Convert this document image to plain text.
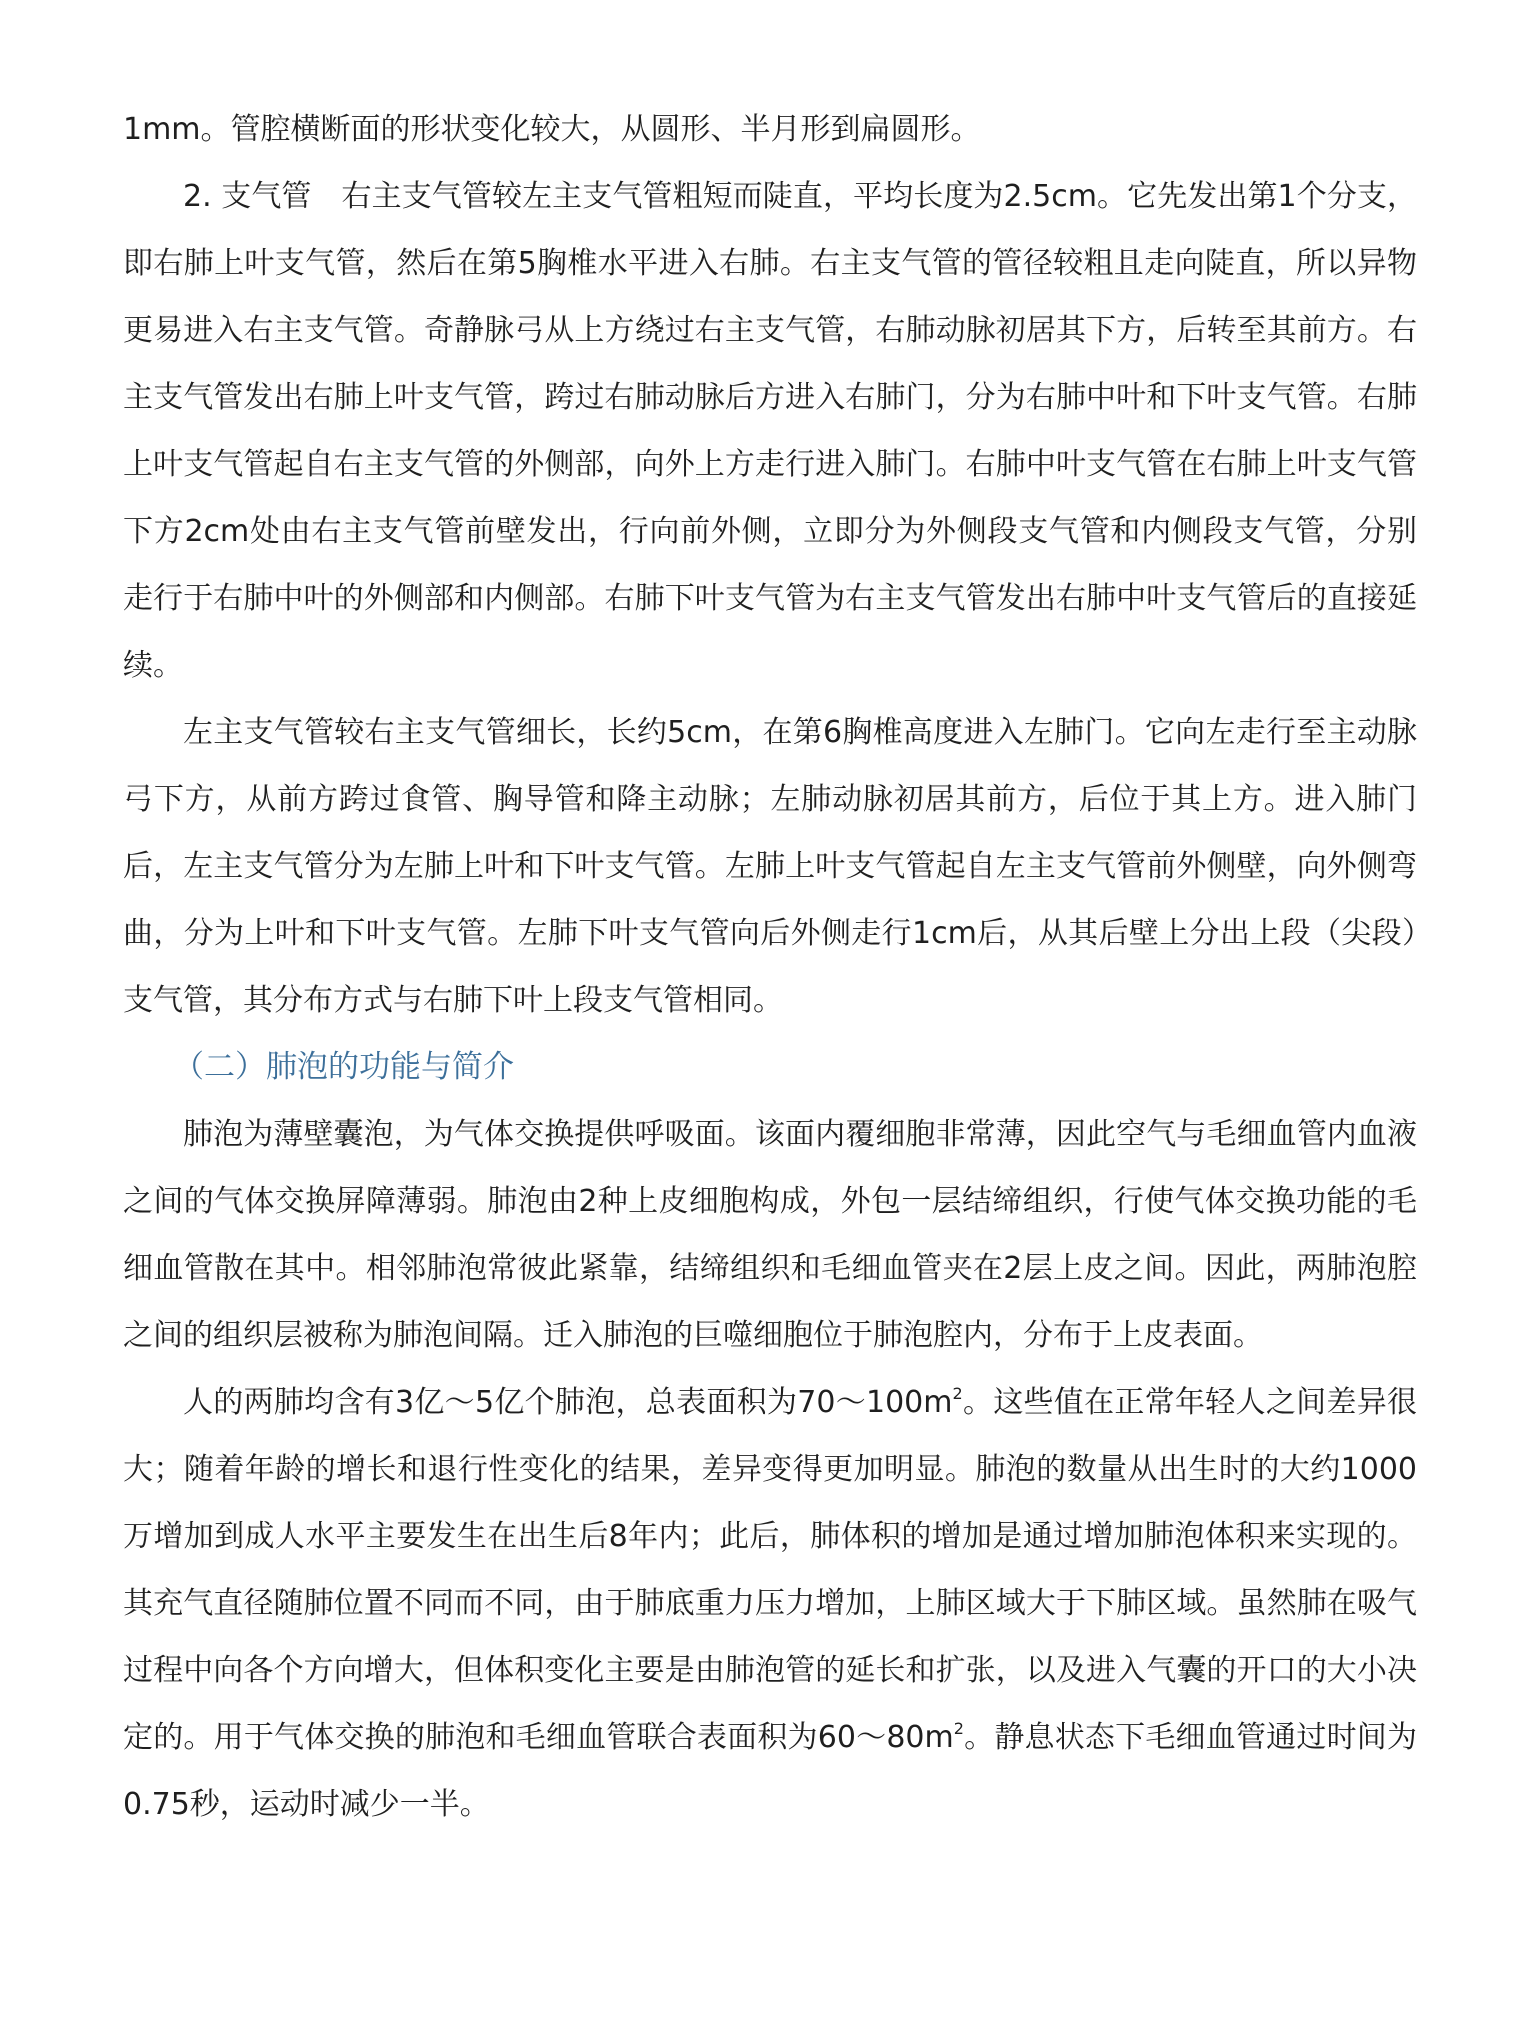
1mm。管腔横断面的形状变化较大，从圆形、半月形到扁圆形。

2. 支气管 右主支气管较左主支气管粗短而陡直，平均长度为2.5cm。它先发出第1个分支，即右肺上叶支气管，然后在第5胸椎水平进入右肺。右主支气管的管径较粗且走向陡直，所以异物更易进入右主支气管。奇静脉弓从上方绕过右主支气管，右肺动脉初居其下方，后转至其前方。右主支气管发出右肺上叶支气管，跨过右肺动脉后方进入右肺门，分为右肺中叶和下叶支气管。右肺上叶支气管起自右主支气管的外侧部，向外上方走行进入肺门。右肺中叶支气管在右肺上叶支气管下方2cm处由右主支气管前壁发出，行向前外侧，立即分为外侧段支气管和内侧段支气管，分别走行于右肺中叶的外侧部和内侧部。右肺下叶支气管为右主支气管发出右肺中叶支气管后的直接延续。

左主支气管较右主支气管细长，长约5cm，在第6胸椎高度进入左肺门。它向左走行至主动脉弓下方，从前方跨过食管、胸导管和降主动脉；左肺动脉初居其前方，后位于其上方。进入肺门后，左主支气管分为左肺上叶和下叶支气管。左肺上叶支气管起自左主支气管前外侧壁，向外侧弯曲，分为上叶和下叶支气管。左肺下叶支气管向后外侧走行1cm后，从其后壁上分出上段（尖段）支气管，其分布方式与右肺下叶上段支气管相同。

（二）肺泡的功能与简介

肺泡为薄壁囊泡，为气体交换提供呼吸面。该面内覆细胞非常薄，因此空气与毛细血管内血液之间的气体交换屏障薄弱。肺泡由2种上皮细胞构成，外包一层结缔组织，行使气体交换功能的毛细血管散在其中。相邻肺泡常彼此紧靠，结缔组织和毛细血管夹在2层上皮之间。因此，两肺泡腔之间的组织层被称为肺泡间隔。迁入肺泡的巨噬细胞位于肺泡腔内，分布于上皮表面。

人的两肺均含有3亿～5亿个肺泡，总表面积为$70\sim 100m^2$。这些值在正常年轻人之间差异很大；随着年龄的增长和退行性变化的结果，差异变得更加明显。肺泡的数量从出生时的大约1000万增加到成人水平主要发生在出生后8年内；此后，肺体积的增加是通过增加肺泡体积来实现的。其充气直径随肺位置不同而不同，由于肺底重力压力增加，上肺区域大于下肺区域。虽然肺在吸气过程中向各个方向增大，但体积变化主要是由肺泡管的延长和扩张，以及进入气囊的开口的大小决定的。用于气体交换的肺泡和毛细血管联合表面积为$60\sim 80m^2$。静息状态下毛细血管通过时间为0.75秒，运动时减少一半。
